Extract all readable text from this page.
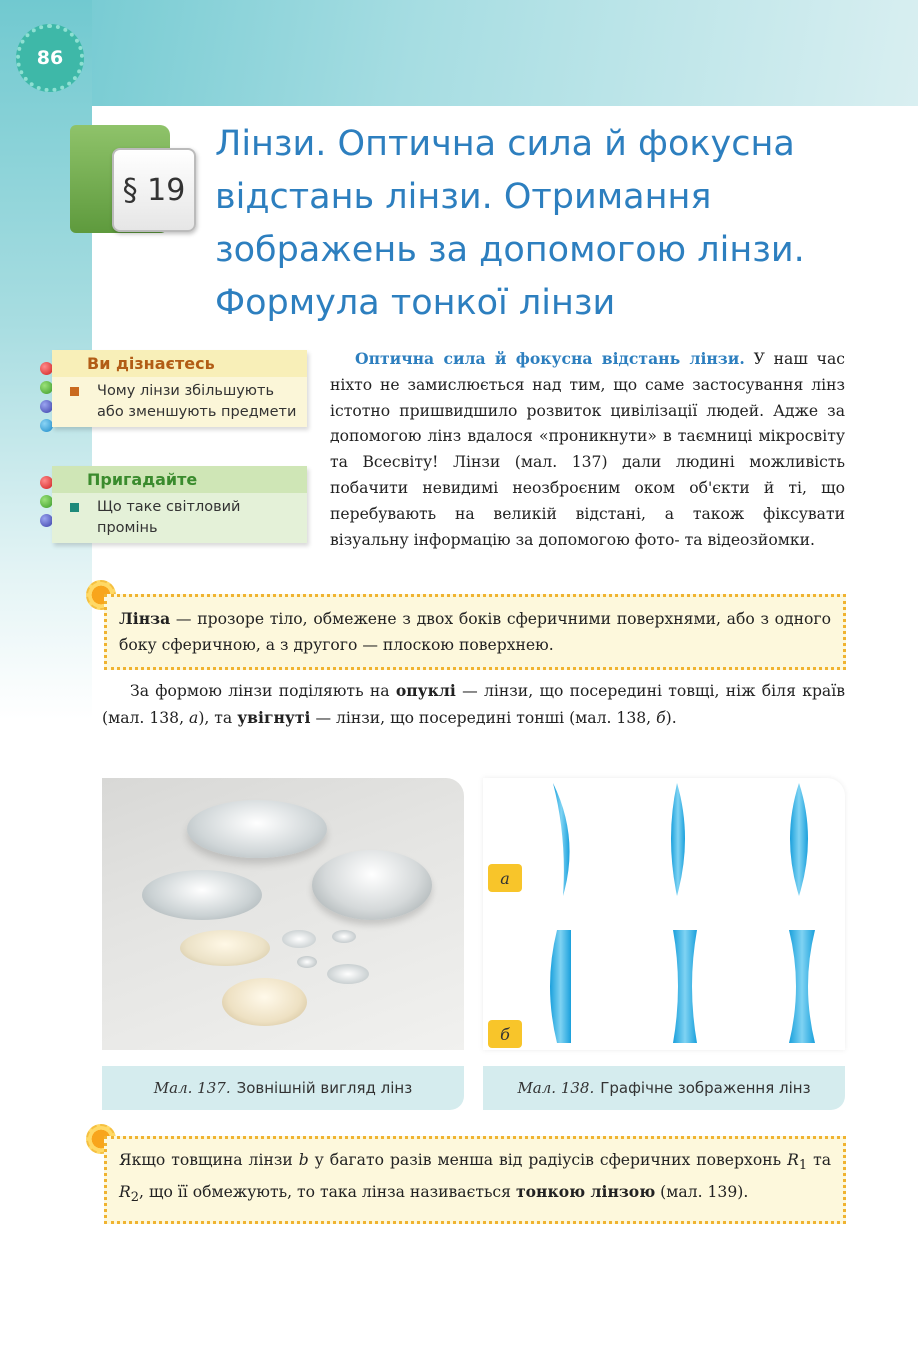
86
§ 19
Лінзи. Оптична сила й фокусна відстань лінзи. Отримання зображень за допомогою лінзи. Формула тонкої лінзи
Ви дізнаєтесь
Чому лінзи збільшують або зменшують предмети
Пригадайте
Що таке світловий промінь

Оптична сила й фокусна відстань лінзи. У наш час ніхто не замислюється над тим, що саме застосування лінз істотно пришвидшило розвиток цивілізації людей. Адже за допомогою лінз вдалося «проникнути» в таємниці мікросвіту та Всесвіту! Лінзи (мал. 137) дали людині можливість побачити невидимі неозброєним оком об'єкти й ті, що перебувають на великій відстані, а також фіксувати візуальну інформацію за допомогою фото- та відеозйомки.

Лінза — прозоре тіло, обмежене з двох боків сферичними поверхнями, або з одного боку сферичною, а з другого — плоскою поверхнею.

За формою лінзи поділяють на опуклі — лінзи, що посередині товщі, ніж біля країв (мал. 138, а), та увігнуті — лінзи, що посередині тонші (мал. 138, б).

а
б
Мал. 137. Зовнішній вигляд лінз	Мал. 138. Графічне зображення лінз

Якщо товщина лінзи b у багато разів менша від радіусів сферичних поверхонь $R_1$ та $R_2$, що її обмежують, то така лінза називається тонкою лінзою (мал. 139).
